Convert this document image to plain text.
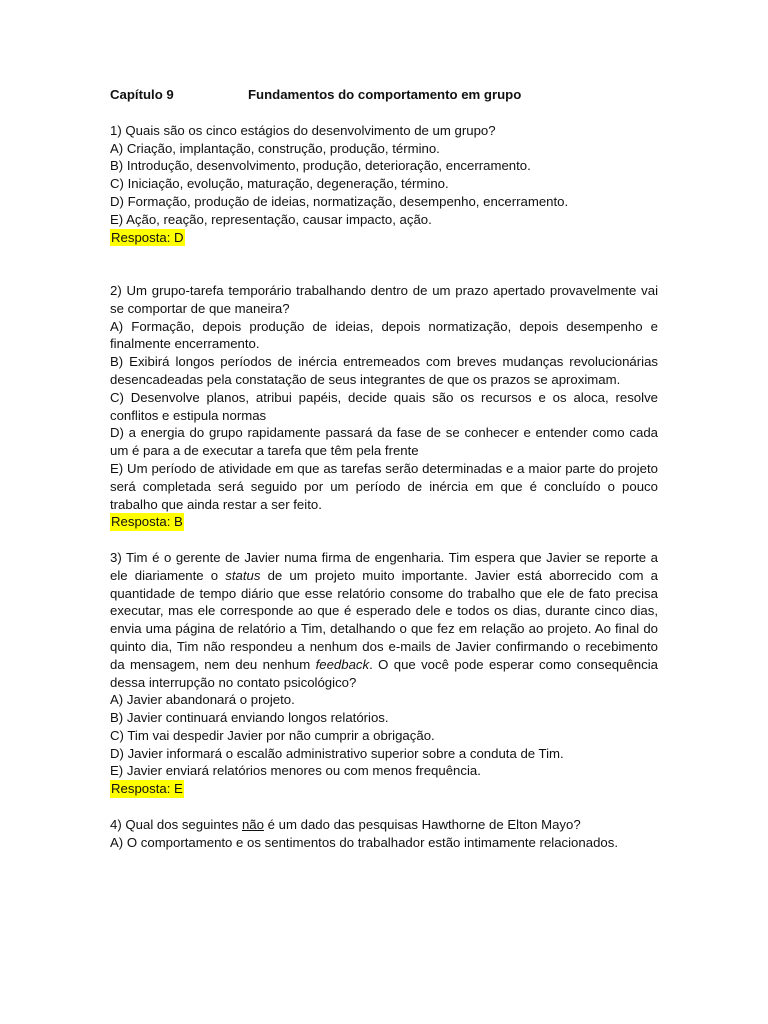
Capítulo 9	Fundamentos do comportamento em grupo

1) Quais são os cinco estágios do desenvolvimento de um grupo?

A) Criação, implantação, construção, produção, término.

B) Introdução, desenvolvimento, produção, deterioração, encerramento.

C) Iniciação, evolução, maturação, degeneração, término.

D) Formação, produção de ideias, normatização, desempenho, encerramento.

E) Ação, reação, representação, causar impacto, ação.

Resposta: D

2) Um grupo-tarefa temporário trabalhando dentro de um prazo apertado provavelmente vai se comportar de que maneira?

A) Formação, depois produção de ideias, depois normatização, depois desempenho e finalmente encerramento.

B) Exibirá longos períodos de inércia entremeados com breves mudanças revolucionárias desencadeadas pela constatação de seus integrantes de que os prazos se aproximam.

C) Desenvolve planos, atribui papéis, decide quais são os recursos e os aloca, resolve conflitos e estipula normas

D) a energia do grupo rapidamente passará da fase de se conhecer e entender como cada um é para a de executar a tarefa que têm pela frente

E) Um período de atividade em que as tarefas serão determinadas e a maior parte do projeto será completada será seguido por um período de inércia em que é concluído o pouco trabalho que ainda restar a ser feito.

Resposta: B

3) Tim é o gerente de Javier numa firma de engenharia. Tim espera que Javier se reporte a ele diariamente o status de um projeto muito importante. Javier está aborrecido com a quantidade de tempo diário que esse relatório consome do trabalho que ele de fato precisa executar, mas ele corresponde ao que é esperado dele e todos os dias, durante cinco dias, envia uma página de relatório a Tim, detalhando o que fez em relação ao projeto. Ao final do quinto dia, Tim não respondeu a nenhum dos e-mails de Javier confirmando o recebimento da mensagem, nem deu nenhum feedback. O que você pode esperar como consequência dessa interrupção no contato psicológico?

A) Javier abandonará o projeto.

B) Javier continuará enviando longos relatórios.

C) Tim vai despedir Javier por não cumprir a obrigação.

D) Javier informará o escalão administrativo superior sobre a conduta de Tim.

E) Javier enviará relatórios menores ou com menos frequência.

Resposta: E

4) Qual dos seguintes não é um dado das pesquisas Hawthorne de Elton Mayo?

A) O comportamento e os sentimentos do trabalhador estão intimamente relacionados.
